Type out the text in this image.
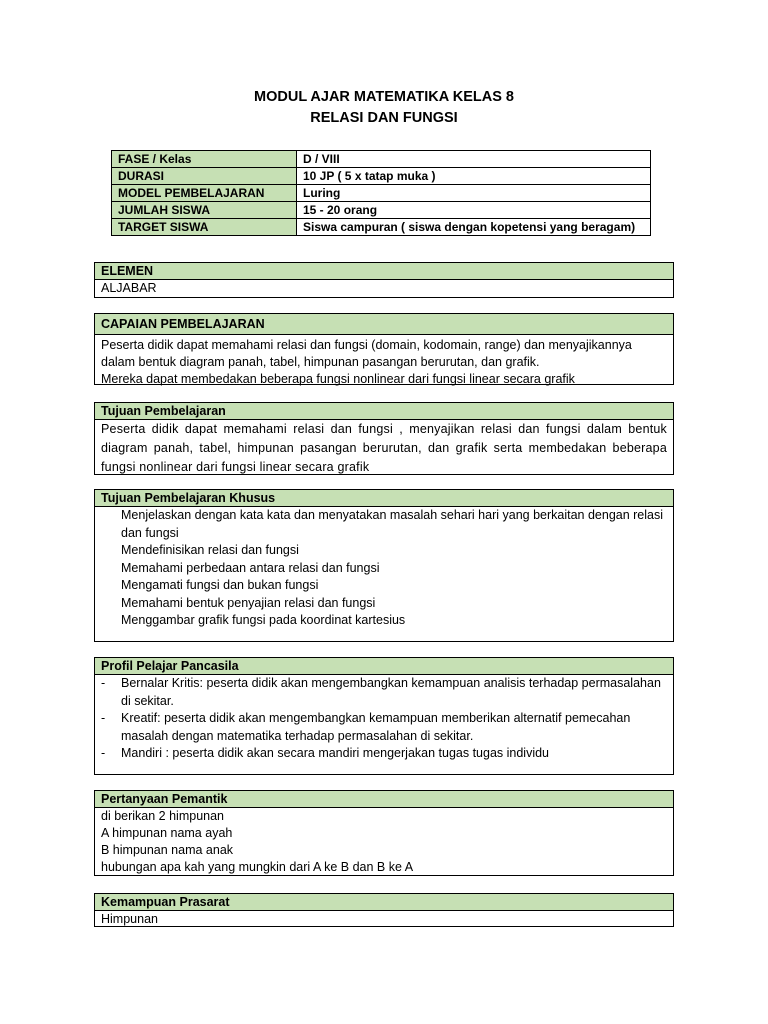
MODUL AJAR MATEMATIKA KELAS 8
RELASI DAN FUNGSI
FASE / Kelas	D / VIII
DURASI	10 JP ( 5 x tatap muka )
MODEL PEMBELAJARAN	Luring
JUMLAH SISWA	15 - 20 orang
TARGET SISWA	Siswa campuran ( siswa dengan kopetensi yang beragam)
ELEMEN
ALJABAR
CAPAIAN PEMBELAJARAN
Peserta didik dapat memahami relasi dan fungsi (domain, kodomain, range) dan menyajikannya dalam bentuk diagram panah, tabel, himpunan pasangan berurutan, dan grafik.
Mereka dapat membedakan beberapa fungsi nonlinear dari fungsi linear secara grafik
Tujuan Pembelajaran
Peserta didik dapat memahami relasi dan fungsi , menyajikan relasi dan fungsi dalam bentuk diagram panah, tabel, himpunan pasangan berurutan, dan grafik serta membedakan beberapa fungsi nonlinear dari fungsi linear secara grafik
Tujuan Pembelajaran Khusus
Menjelaskan dengan kata kata dan menyatakan masalah sehari hari yang berkaitan dengan relasi dan fungsi
Mendefinisikan relasi dan fungsi
Memahami perbedaan antara relasi dan fungsi
Mengamati fungsi dan bukan fungsi
Memahami bentuk penyajian relasi dan fungsi
Menggambar grafik fungsi pada koordinat kartesius
Profil Pelajar Pancasila
-	Bernalar Kritis: peserta didik akan mengembangkan kemampuan analisis terhadap permasalahan di sekitar.
-	Kreatif: peserta didik akan mengembangkan kemampuan memberikan alternatif pemecahan masalah dengan matematika terhadap permasalahan di sekitar.
-	Mandiri : peserta didik akan secara mandiri mengerjakan tugas tugas individu
Pertanyaan Pemantik
di berikan 2 himpunan
A himpunan nama ayah
B himpunan nama anak
hubungan apa kah yang mungkin dari A ke B dan B ke A
Kemampuan Prasarat
Himpunan
